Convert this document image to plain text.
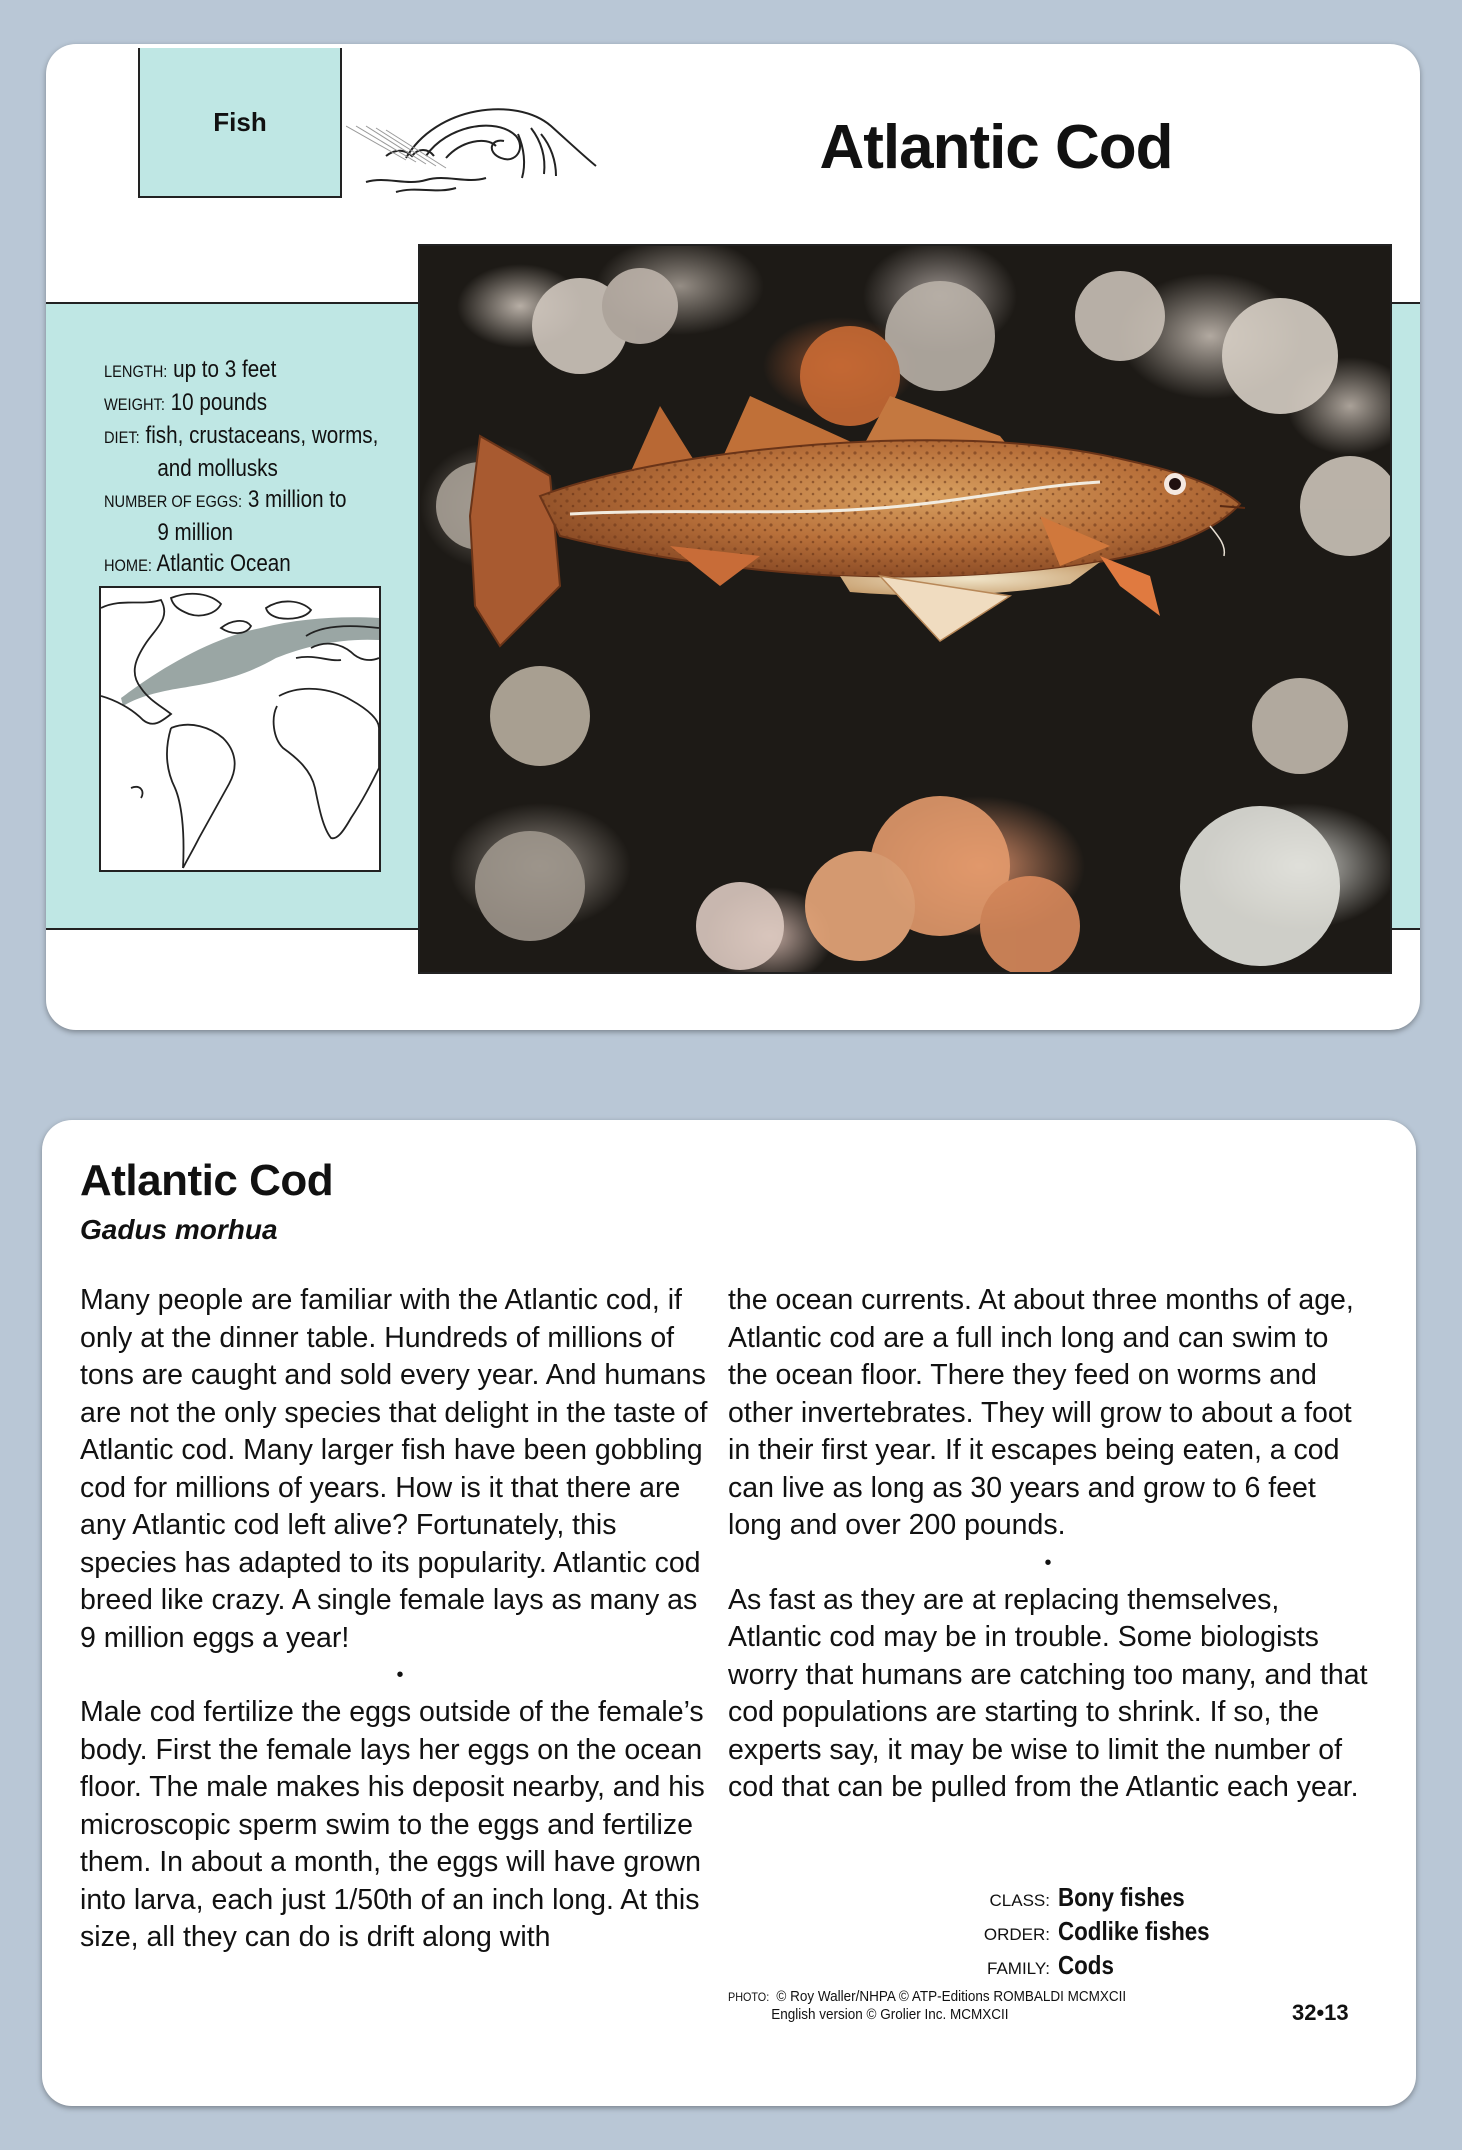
Fish	Atlantic Cod
LENGTH: up to 3 feet
WEIGHT: 10 pounds
DIET: fish, crustaceans, worms,
and mollusks
NUMBER OF EGGS: 3 million to
9 million
HOME: Atlantic Ocean
Atlantic Cod
Gadus morhua

Many people are familiar with the Atlantic cod, if only at the dinner table. Hundreds of millions of tons are caught and sold every year. And humans are not the only species that delight in the taste of Atlantic cod. Many larger fish have been gobbling cod for millions of years. How is it that there are any Atlantic cod left alive? Fortunately, this species has adapted to its popularity. Atlantic cod breed like crazy. A single female lays as many as 9 million eggs a year!

•

Male cod fertilize the eggs outside of the female’s body. First the female lays her eggs on the ocean floor. The male makes his deposit nearby, and his microscopic sperm swim to the eggs and fertilize them. In about a month, the eggs will have grown into larva, each just 1/50th of an inch long. At this size, all they can do is drift along with

the ocean currents. At about three months of age, Atlantic cod are a full inch long and can swim to the ocean floor. There they feed on worms and other invertebrates. They will grow to about a foot in their first year. If it escapes being eaten, a cod can live as long as 30 years and grow to 6 feet long and over 200 pounds.

•

As fast as they are at replacing themselves, Atlantic cod may be in trouble. Some biologists worry that humans are catching too many, and that cod populations are starting to shrink. If so, the experts say, it may be wise to limit the number of cod that can be pulled from the Atlantic each year.

CLASS: Bony fishes
ORDER: Codlike fishes
FAMILY: Cods
PHOTO: © Roy Waller/NHPA © ATP-Editions ROMBALDI MCMXCII
English version © Grolier Inc. MCMXCII	32•13
